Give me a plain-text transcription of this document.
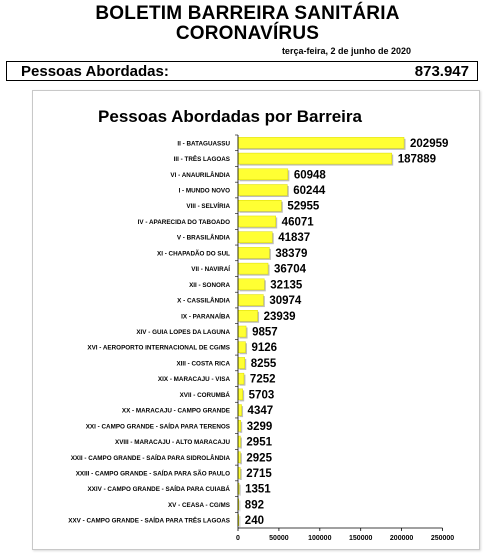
BOLETIM BARREIRA SANITÁRIA
CORONAVÍRUS
terça-feira, 2 de junho de 2020
Pessoas Abordadas:	873.947
Pessoas Abordadas por Barreira
II - BATAGUASSU	202959
III - TRÊS LAGOAS	187889
VI - ANAURILÂNDIA	60948
I - MUNDO NOVO	60244
VIII - SELVÍRIA	52955
IV - APARECIDA DO TABOADO	46071
V - BRASILÂNDIA	41837
XI - CHAPADÃO DO SUL	38379
VII - NAVIRAÍ	36704
XII - SONORA	32135
X - CASSILÂNDIA	30974
IX - PARANAÍBA	23939
XIV - GUIA LOPES DA LAGUNA 9857
XVI - AEROPORTO INTERNACIONAL DE CG/MS 9126
XIII - COSTA RICA 8255
XIX - MARACAJU - VISA 7252
XVII - CORUMBÁ 5703
XX - MARACAJU - CAMPO GRANDE 4347
XXI - CAMPO GRANDE - SAÍDA PARA TERENOS 3299
XVIII - MARACAJU - ALTO MARACAJU 2951
XXII - CAMPO GRANDE - SAÍDA PARA SIDROLÂNDIA 2925
XXIII - CAMPO GRANDE - SAÍDA PARA SÃO PAULO 2715
XXIV - CAMPO GRANDE - SAÍDA PARA CUIABÁ 1351
XV - CEASA - CG/MS 892
XXV - CAMPO GRANDE - SAÍDA PARA TRÊS LAGOAS 240
0	50000	100000	150000	200000	250000
